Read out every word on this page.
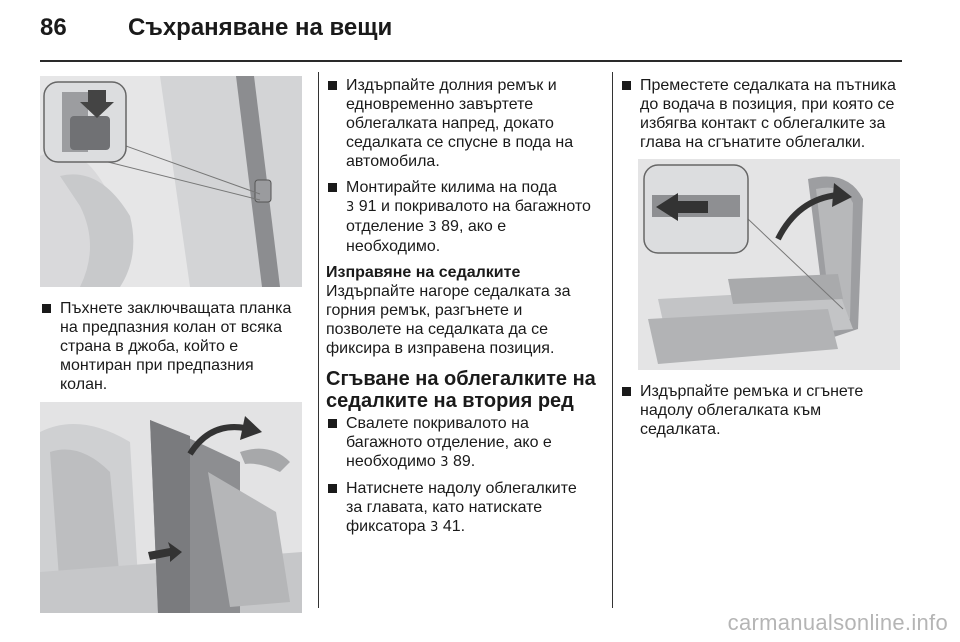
86	Съхраняване на вещи
Пъхнете заключващата планка на предпазния колан от всяка страна в джоба, който е монтиран при предпазния колан.
Издърпайте долния ремък и едновременно завъртете облегалката напред, докато седалката се спусне в пода на автомобила.
Монтирайте килима на пода
3 91 и покривалото на багажното отделение 3 89, ако е необходимо.
Изправяне на седалките

Издърпайте нагоре седалката за горния ремък, разгънете и позволете на седалката да се фиксира в изправена позиция.

Сгъване на облегалките на седалките на втория ред
Свалете покривалото на багажното отделение, ако е необходимо 3 89.
Натиснете надолу облегалките за главата, като натискате фиксатора 3 41.
Преместете седалката на пътника до водача в позиция, при която се избягва контакт с облегалките за глава на сгънатите облегалки.
Издърпайте ремъка и сгънете надолу облегалката към седалката.
carmanualsonline.info
